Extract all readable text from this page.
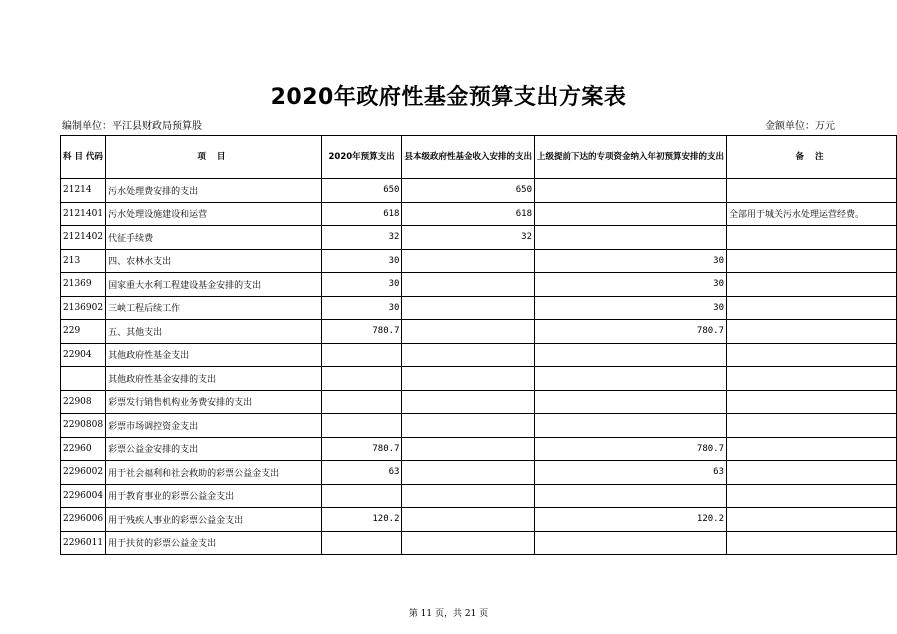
2020年政府性基金预算支出方案表
编制单位：平江县财政局预算股	金额单位：万元
科 目 代码	项 目	2020年预算支出	县本级政府性基金收入安排的支出	上级提前下达的专项资金纳入年初预算安排的支出	备 注
21214	污水处理费安排的支出	650	650		
2121401	污水处理设施建设和运营	618	618		全部用于城关污水处理运营经费。
2121402	代征手续费	32	32		
213	四、农林水支出	30		30	
21369	国家重大水利工程建设基金安排的支出	30		30	
2136902	三峡工程后续工作	30		30	
229	五、其他支出	780.7		780.7	
22904	其他政府性基金支出				
	其他政府性基金安排的支出				
22908	彩票发行销售机构业务费安排的支出				
2290808	彩票市场调控资金支出				
22960	彩票公益金安排的支出	780.7		780.7	
2296002	用于社会福利和社会救助的彩票公益金支出	63		63	
2296004	用于教育事业的彩票公益金支出				
2296006	用于残疾人事业的彩票公益金支出	120.2		120.2	
2296011	用于扶贫的彩票公益金支出				
第 11 页，共 21 页
